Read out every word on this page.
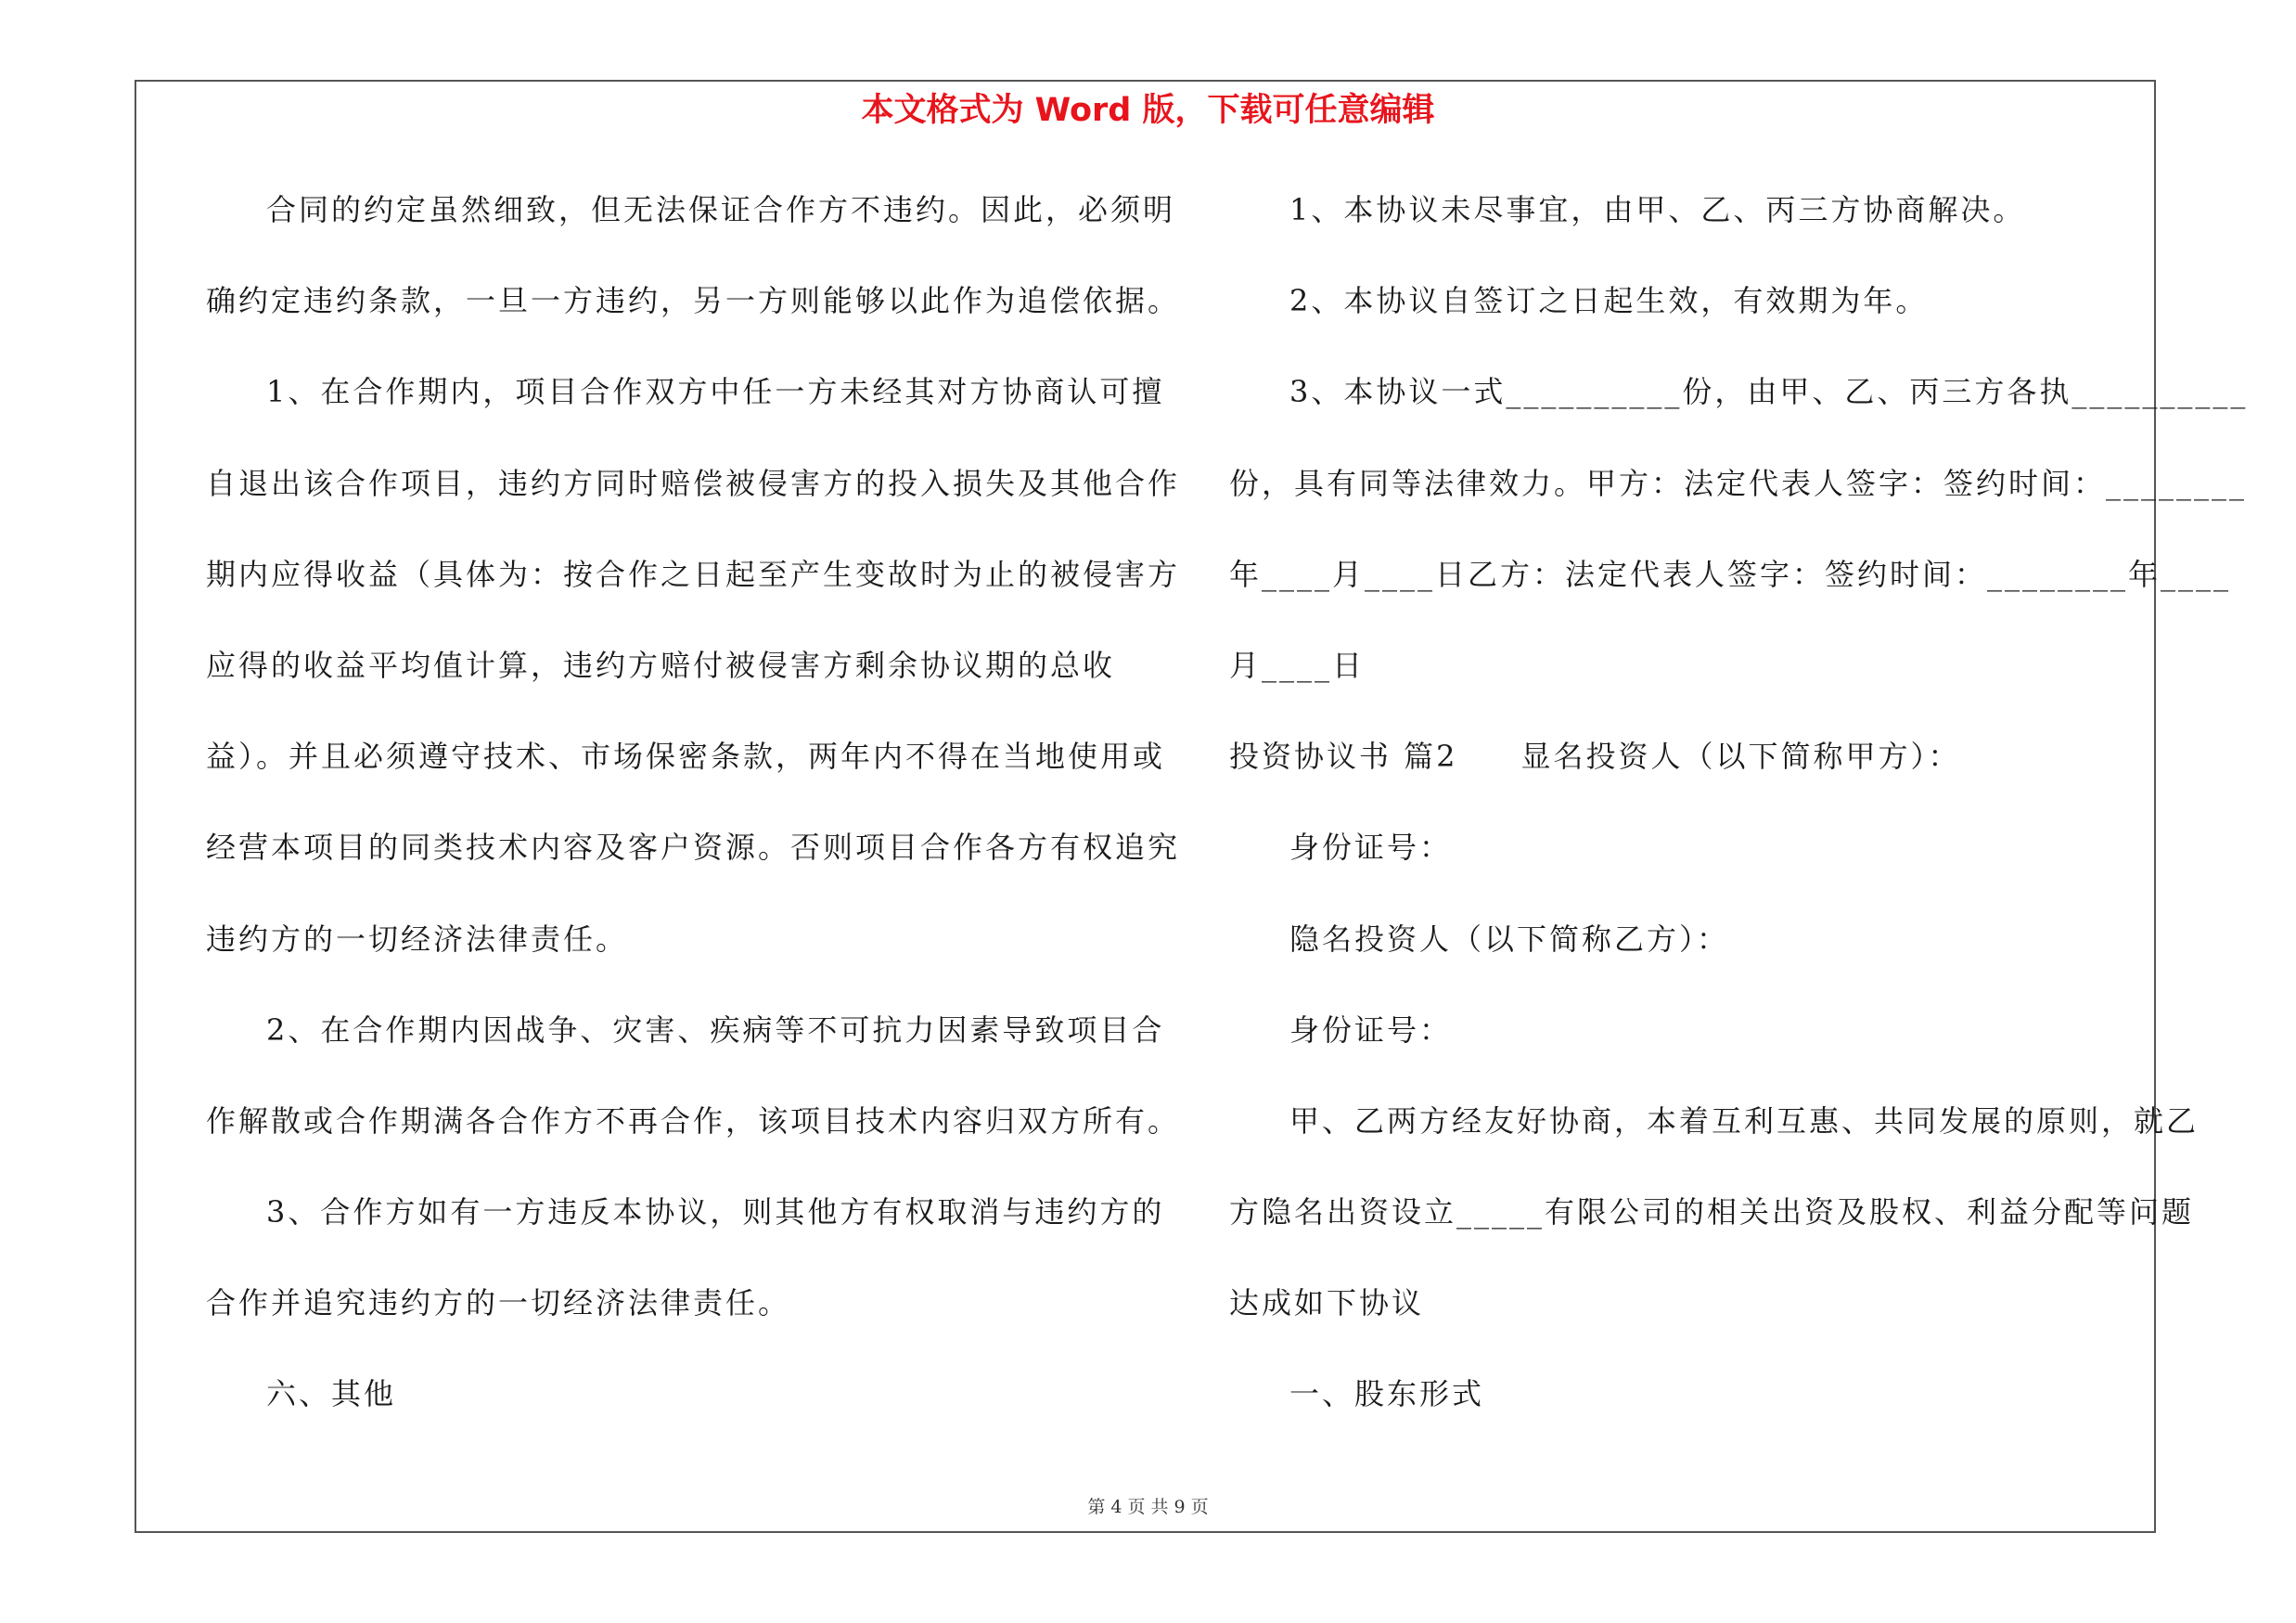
本文格式为 Word 版，下载可任意编辑

合同的约定虽然细致，但无法保证合作方不违约。因此，必须明

确约定违约条款，一旦一方违约，另一方则能够以此作为追偿依据。

1、在合作期内，项目合作双方中任一方未经其对方协商认可擅

自退出该合作项目，违约方同时赔偿被侵害方的投入损失及其他合作

期内应得收益（具体为：按合作之日起至产生变故时为止的被侵害方

应得的收益平均值计算，违约方赔付被侵害方剩余协议期的总收

益）。并且必须遵守技术、市场保密条款，两年内不得在当地使用或

经营本项目的同类技术内容及客户资源。否则项目合作各方有权追究

违约方的一切经济法律责任。

2、在合作期内因战争、灾害、疾病等不可抗力因素导致项目合

作解散或合作期满各合作方不再合作，该项目技术内容归双方所有。

3、合作方如有一方违反本协议，则其他方有权取消与违约方的

合作并追究违约方的一切经济法律责任。

六、其他

1、本协议未尽事宜，由甲、乙、丙三方协商解决。

2、本协议自签订之日起生效，有效期为年。

3、本协议一式__________份，由甲、乙、丙三方各执__________

份，具有同等法律效力。甲方：法定代表人签字：签约时间：________

年____月____日乙方：法定代表人签字：签约时间：________年____

月____日

投资协议书 篇2 显名投资人（以下简称甲方）：

身份证号：

隐名投资人（以下简称乙方）：

身份证号：

甲、乙两方经友好协商，本着互利互惠、共同发展的原则，就乙

方隐名出资设立_____有限公司的相关出资及股权、利益分配等问题

达成如下协议

一、股东形式

第 4 页 共 9 页
